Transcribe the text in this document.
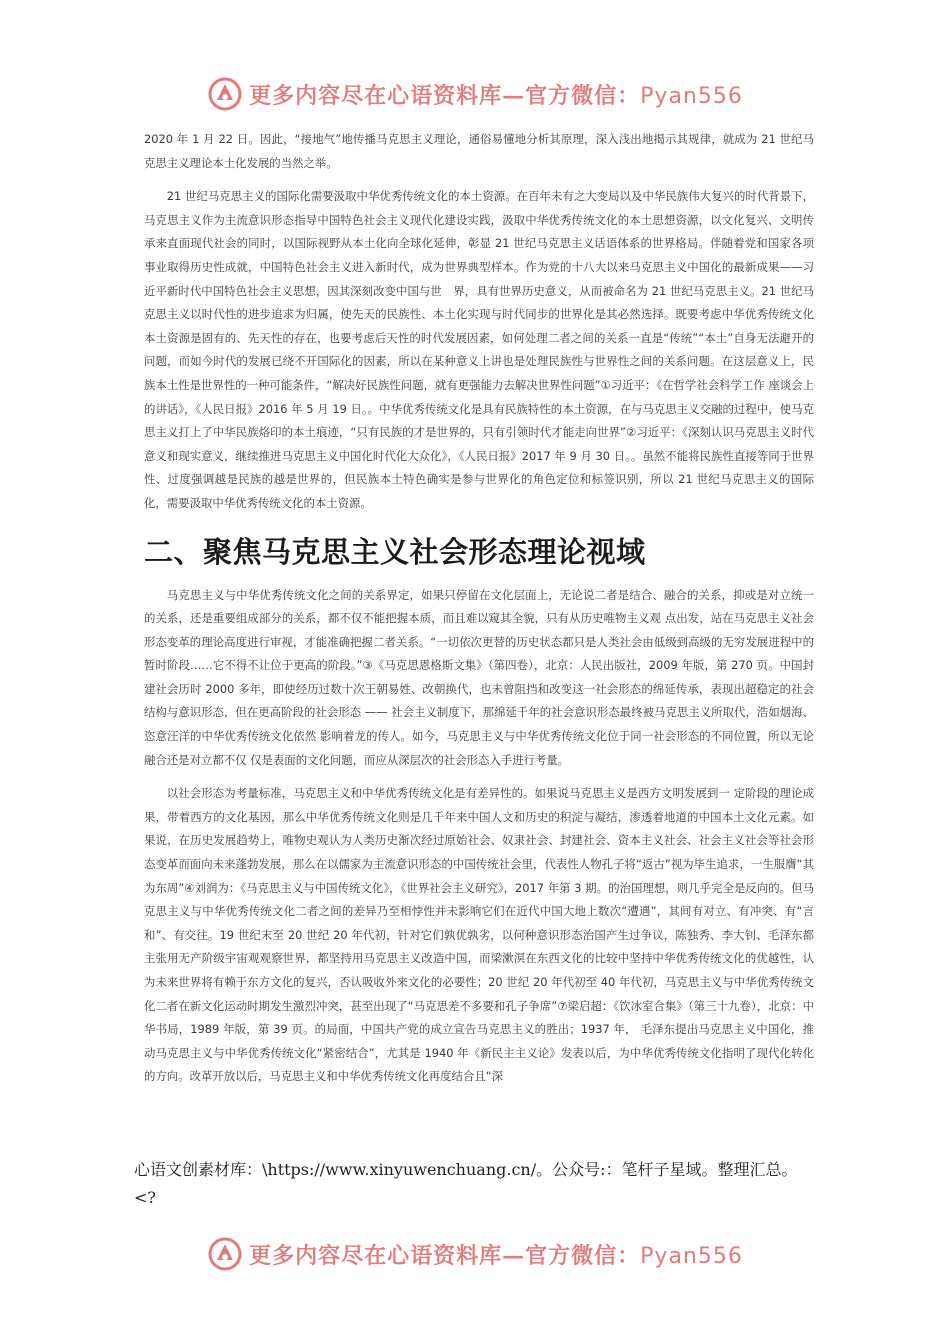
更多内容尽在心语资料库—官方微信：Pyan556

2020 年 1 月 22 日。因此，“接地气”地传播马克思主义理论，通俗易懂地分析其原理，深入浅出地揭示其规律，就成为 21 世纪马克思主义理论本土化发展的当然之举。

21 世纪马克思主义的国际化需要汲取中华优秀传统文化的本土资源。在百年未有之大变局以及中华民族伟大复兴的时代背景下，马克思主义作为主流意识形态指导中国特色社会主义现代化建设实践，汲取中华优秀传统文化的本土思想资源，以文化复兴、文明传承来直面现代社会的同时，以国际视野从本土化向全球化延伸，彰显 21 世纪马克思主义话语体系的世界格局。伴随着党和国家各项事业取得历史性成就，中国特色社会主义进入新时代，成为世界典型样本。作为党的十八大以来马克思主义中国化的最新成果——习近平新时代中国特色社会主义思想，因其深刻改变中国与世　界，具有世界历史意义，从而被命名为 21 世纪马克思主义。21 世纪马克思主义以时代性的进步追求为归属，使先天的民族性、本土化实现与时代同步的世界化是其必然选择。既要考虑中华优秀传统文化本土资源是固有的、先天性的存在，也要考虑后天性的时代发展因素，如何处理二者之间的关系一直是“传统”“本土”自身无法避开的问题，而如今时代的发展已绕不开国际化的因素，所以在某种意义上讲也是处理民族性与世界性之间的关系问题。在这层意义上，民族本土性是世界性的一种可能条件，“解决好民族性问题，就有更强能力去解决世界性问题”①习近平：《在哲学社会科学工作 座谈会上的讲话》，《人民日报》2016 年 5 月 19 日。。中华优秀传统文化是具有民族特性的本土资源，在与马克思主义交融的过程中，使马克思主义打上了中华民族烙印的本土痕迹，“只有民族的才是世界的，只有引领时代才能走向世界”②习近平：《深刻认识马克思主义时代意义和现实意义，继续推进马克思主义中国化时代化大众化》，《人民日报》2017 年 9 月 30 日。。虽然不能将民族性直接等同于世界性、过度强调越是民族的越是世界的，但民族本土特色确实是参与世界化的角色定位和标签识别，所以 21 世纪马克思主义的国际化，需要汲取中华优秀传统文化的本土资源。

二、聚焦马克思主义社会形态理论视域

马克思主义与中华优秀传统文化之间的关系界定，如果只停留在文化层面上，无论说二者是结合、融合的关系，抑或是对立统一的关系，还是重要组成部分的关系，都不仅不能把握本质，而且难以窥其全貌，只有从历史唯物主义观 点出发，站在马克思主义社会形态变革的理论高度进行审视，才能准确把握二者关系。“一切依次更替的历史状态都只是人类社会由低级到高级的无穷发展进程中的暂时阶段……它不得不让位于更高的阶段。”③《马克思恩格斯文集》（第四卷），北京：人民出版社，2009 年版，第 270 页。中国封建社会历时 2000 多年，即使经历过数十次王朝易姓、改朝换代，也未曾阻挡和改变这一社会形态的绵延传承，表现出超稳定的社会结构与意识形态，但在更高阶段的社会形态 —— 社会主义制度下，那绵延千年的社会意识形态最终被马克思主义所取代，浩如烟海、恣意汪洋的中华优秀传统文化依然 影响着龙的传人。如今，马克思主义与中华优秀传统文化位于同一社会形态的不同位置，所以无论融合还是对立都不仅 仅是表面的文化问题，而应从深层次的社会形态入手进行考量。

以社会形态为考量标准，马克思主义和中华优秀传统文化是有差异性的。如果说马克思主义是西方文明发展到一 定阶段的理论成果，带着西方的文化基因，那么中华优秀传统文化则是几千年来中国人文和历史的积淀与凝结，渗透着地道的中国本土文化元素。如果说，在历史发展趋势上，唯物史观认为人类历史渐次经过原始社会、奴隶社会、封建社会、资本主义社会、社会主义社会等社会形态变革而面向未来蓬勃发展，那么在以儒家为主流意识形态的中国传统社会里，代表性人物孔子将“返古”视为毕生追求，一生服膺“其为东周”④刘润为：《马克思主义与中国传统文化》，《世界社会主义研究》，2017 年第 3 期。的治国理想，则几乎完全是反向的。但马克思主义与中华优秀传统文化二者之间的差异乃至相悖性并未影响它们在近代中国大地上数次“遭遇”，其间有对立、有冲突、有“言和”、有交往。19 世纪末至 20 世纪 20 年代初，针对它们孰优孰劣，以何种意识形态治国产生过争议，陈独秀、李大钊、毛泽东都主张用无产阶级宇宙观观察世界，都坚持用马克思主义改造中国，而梁漱溟在东西文化的比较中坚持中华优秀传统文化的优越性，认为未来世界将有赖于东方文化的复兴，否认吸收外来文化的必要性；20 世纪 20 年代初至 40 年代初，马克思主义与中华优秀传统文化二者在新文化运动时期发生激烈冲突，甚至出现了“马克思差不多要和孔子争席”⑦梁启超：《饮冰室合集》（第三十九卷），北京：中华书局，1989 年版，第 39 页。的局面，中国共产党的成立宣告马克思主义的胜出；1937 年， 毛泽东提出马克思主义中国化，推动马克思主义与中华优秀传统文化“紧密结合”，尤其是 1940 年《新民主主义论》发表以后，为中华优秀传统文化指明了现代化转化的方向。改革开放以后，马克思主义和中华优秀传统文化再度结合且“深

心语文创素材库：\https://www.xinyuwenchuang.cn/。公众号:：笔杆子星域。整理汇总。
<?
更多内容尽在心语资料库—官方微信：Pyan556
